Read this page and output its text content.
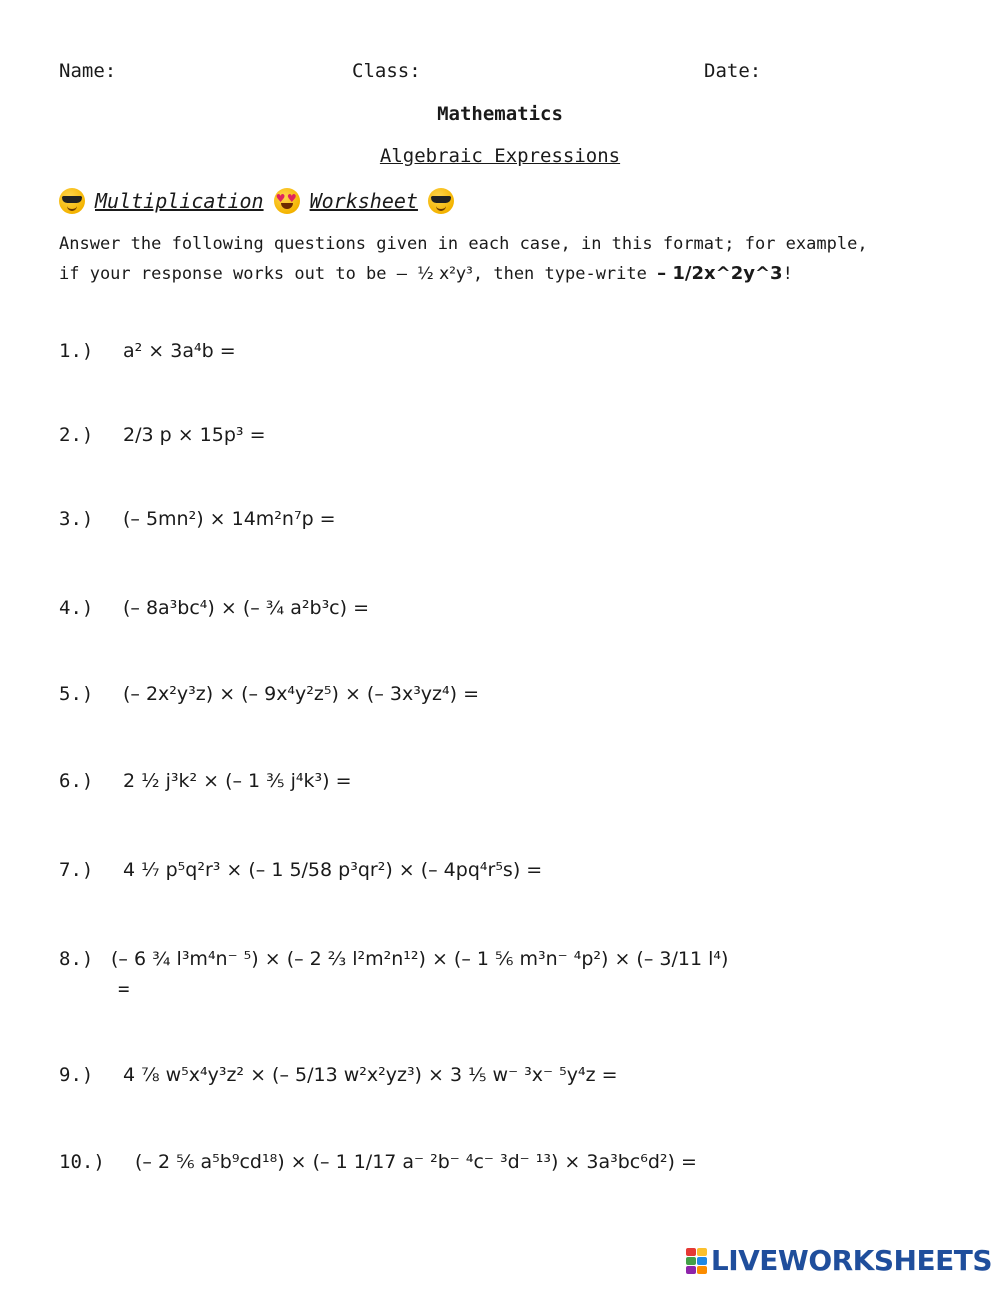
Name:	Class:	Date:
Mathematics
Algebraic Expressions
Multiplication
♥ ♥ Worksheet
Answer the following questions given in each case, in this format; for example,
if your response works out to be – ½ x²y³, then type-write – 1/2x^2y^3!
1.) a² × 3a⁴b =
2.) 2/3 p × 15p³ =
3.) (– 5mn²) × 14m²n⁷p =
4.) (– 8a³bc⁴) × (– ¾ a²b³c) =
5.) (– 2x²y³z) × (– 9x⁴y²z⁵) × (– 3x³yz⁴) =
6.) 2 ½ j³k² × (– 1 ⅗ j⁴k³) =
7.) 4 ⅐ p⁵q²r³ × (– 1 5/58 p³qr²) × (– 4pq⁴r⁵s) =
8.) (– 6 ¾ l³m⁴n⁻ ⁵) × (– 2 ⅔ l²m²n¹²) × (– 1 ⅚ m³n⁻ ⁴p²) × (– 3/11 l⁴)
=
9.) 4 ⅞ w⁵x⁴y³z² × (– 5/13 w²x²yz³) × 3 ⅕ w⁻ ³x⁻ ⁵y⁴z =
10.) (– 2 ⅚ a⁵b⁹cd¹⁸) × (– 1 1/17 a⁻ ²b⁻ ⁴c⁻ ³d⁻ ¹³) × 3a³bc⁶d²) =
LIVEWORKSHEETS
